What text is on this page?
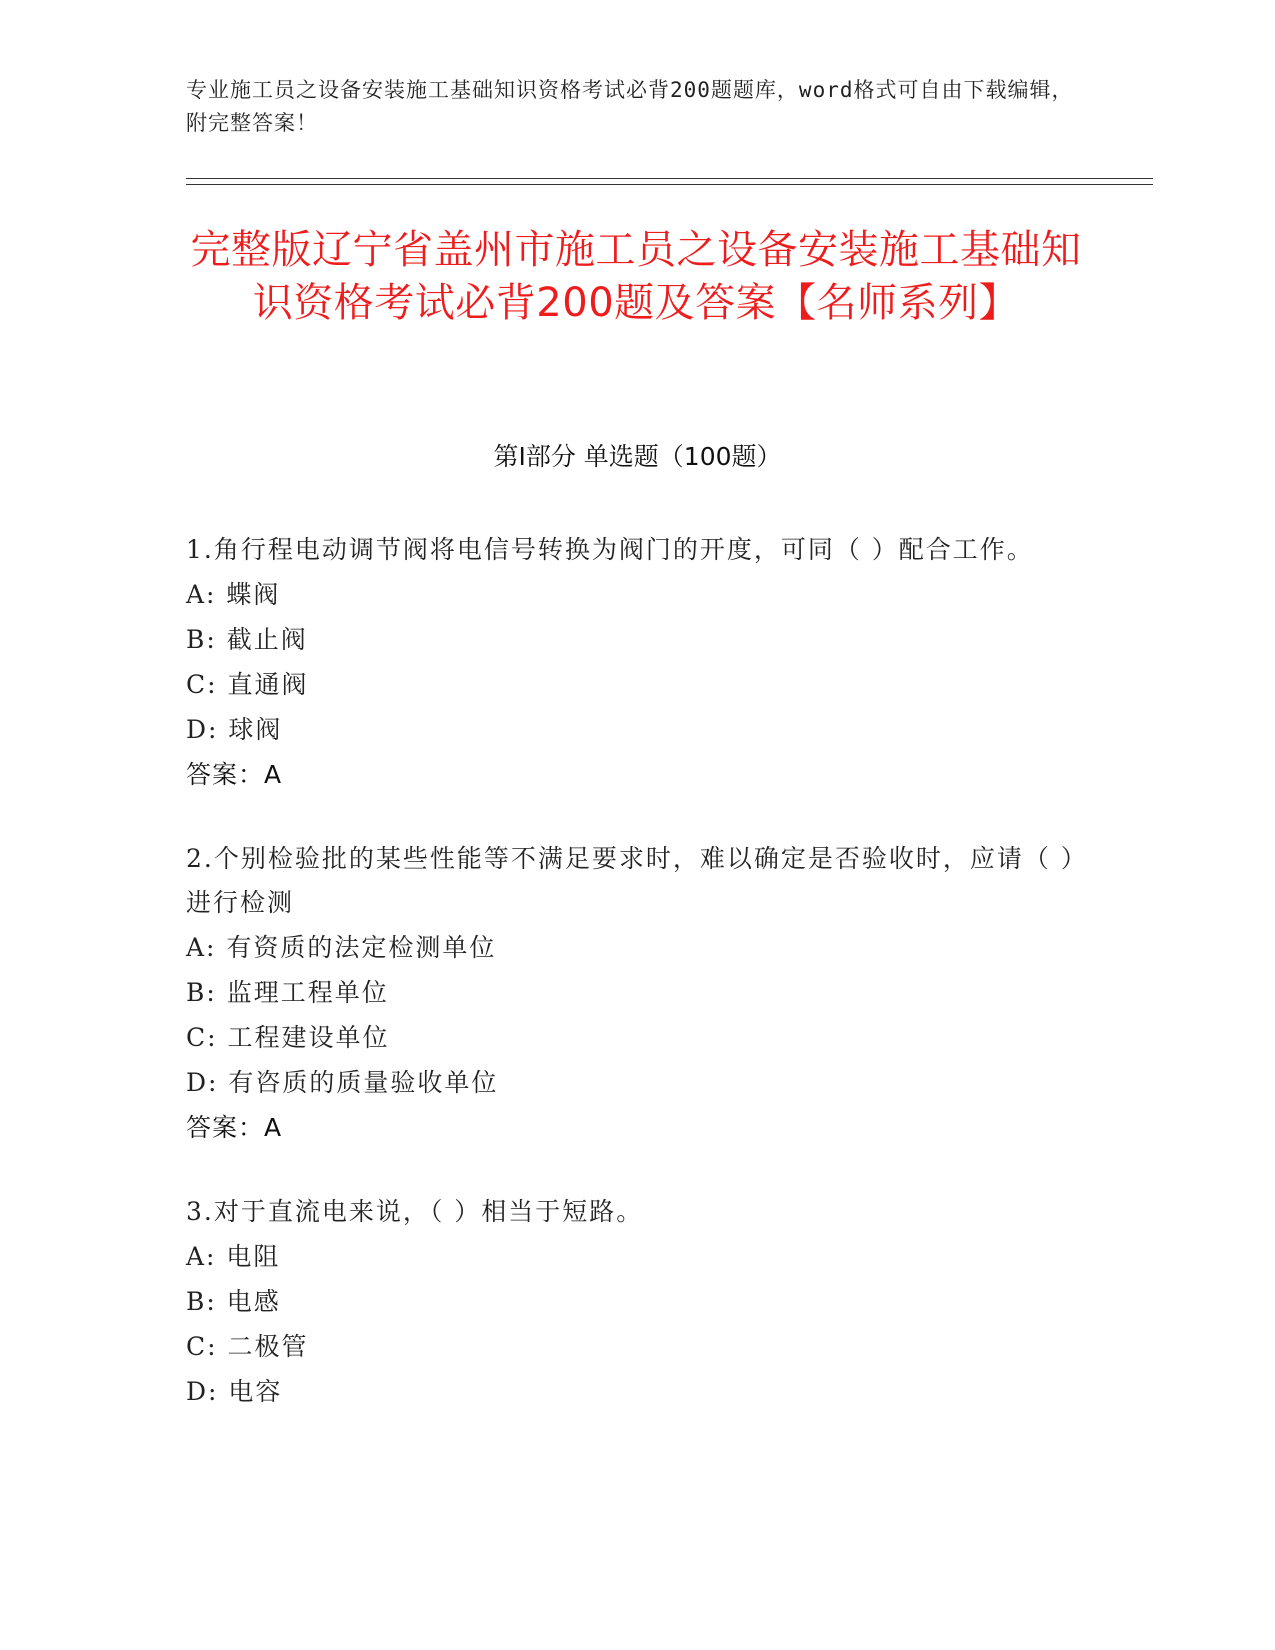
专业施工员之设备安装施工基础知识资格考试必背200题题库，word格式可自由下载编辑，附完整答案！
完整版辽宁省盖州市施工员之设备安装施工基础知识资格考试必背200题及答案【名师系列】
第Ⅰ部分 单选题（100题）
1.角行程电动调节阀将电信号转换为阀门的开度，可同（ ）配合工作。
A: 蝶阀
B: 截止阀
C: 直通阀
D: 球阀
答案：A
2.个别检验批的某些性能等不满足要求时，难以确定是否验收时，应请（ ）进行检测
A: 有资质的法定检测单位
B: 监理工程单位
C: 工程建设单位
D: 有咨质的质量验收单位
答案：A
3.对于直流电来说，（ ）相当于短路。
A: 电阻
B: 电感
C: 二极管
D: 电容
